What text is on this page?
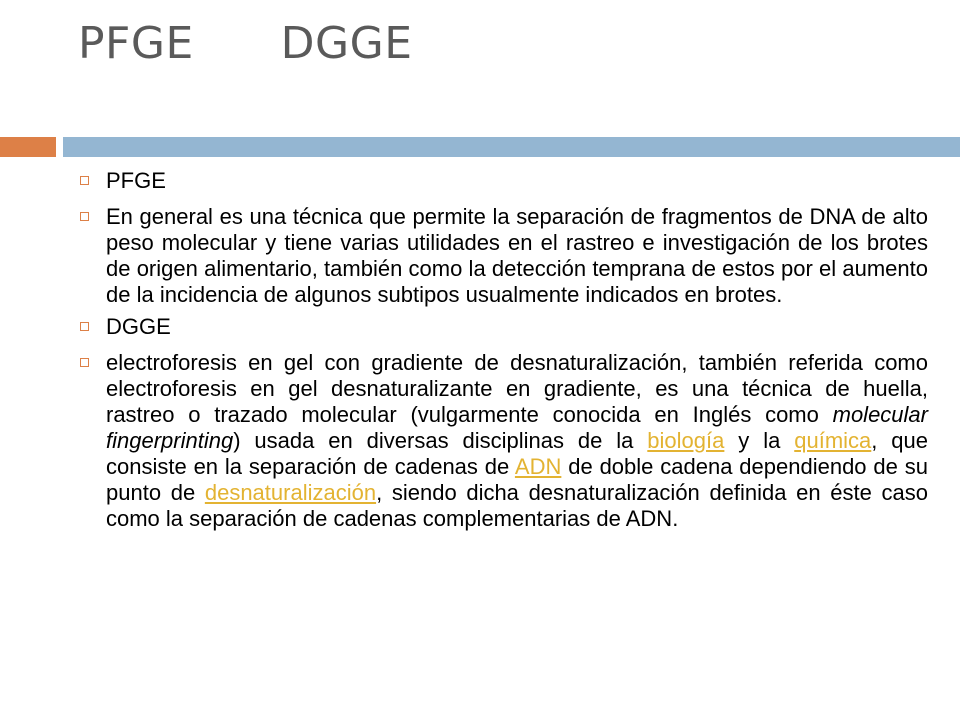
PFGE      DGGE
PFGE
En general es una técnica que permite la separación de fragmentos de DNA de alto peso molecular y tiene varias utilidades en el rastreo e investigación de los brotes de origen alimentario, también como la detección temprana de estos por el aumento de la incidencia de algunos subtipos usualmente indicados en brotes.
DGGE
electroforesis en gel con gradiente de desnaturalización, también referida como electroforesis en gel desnaturalizante en gradiente, es una técnica de huella, rastreo o trazado molecular (vulgarmente conocida en Inglés como molecular fingerprinting) usada en diversas disciplinas de la biología y la química, que consiste en la separación de cadenas de ADN de doble cadena dependiendo de su punto de desnaturalización, siendo dicha desnaturalización definida en éste caso como la separación de cadenas complementarias de ADN.
